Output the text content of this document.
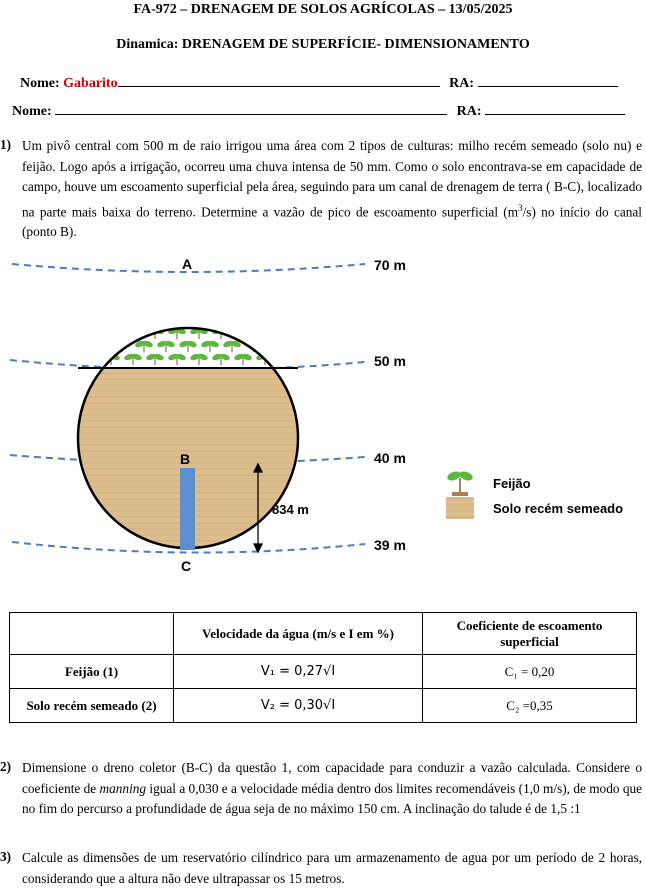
FA-972 – DRENAGEM DE SOLOS AGRÍCOLAS – 13/05/2025
Dinamica: DRENAGEM DE SUPERFÍCIE- DIMENSIONAMENTO
Nome: Gabarito	RA:
Nome:	RA:
1) Um pivô central com 500 m de raio irrigou uma área com 2 tipos de culturas: milho recém semeado (solo nu) e feijão. Logo após a irrigação, ocorreu uma chuva intensa de 50 mm. Como o solo encontrava-se em capacidade de campo, houve um escoamento superficial pela área, seguindo para um canal de drenagem de terra ( B-C), localizado na parte mais baixa do terreno. Determine a vazão de pico de escoamento superficial $(m^3/s)$ no início do canal (ponto B).
A
B
C
70 m
50 m
40 m
39 m
834 m
Feijão
Solo recém semeado
	Velocidade da água (m/s e I em %)	Coeficiente de escoamento superficial
Feijão (1)	V₁ = 0,27√I	C₁ = 0,20
Solo recém semeado (2)	V₂ = 0,30√I	C₂ =0,35
2) Dimensione o dreno coletor (B-C) da questão 1, com capacidade para conduzir a vazão calculada. Considere o coeficiente de manning igual a 0,030 e a velocidade média dentro dos limites recomendáveis (1,0 m/s), de modo que no fim do percurso a profundidade de água seja de no máximo 150 cm. A inclinação do talude é de 1,5 :1
3) Calcule as dimensões de um reservatório cilíndrico para um armazenamento de agua por um período de 2 horas, considerando que a altura não deve ultrapassar os 15 metros.
